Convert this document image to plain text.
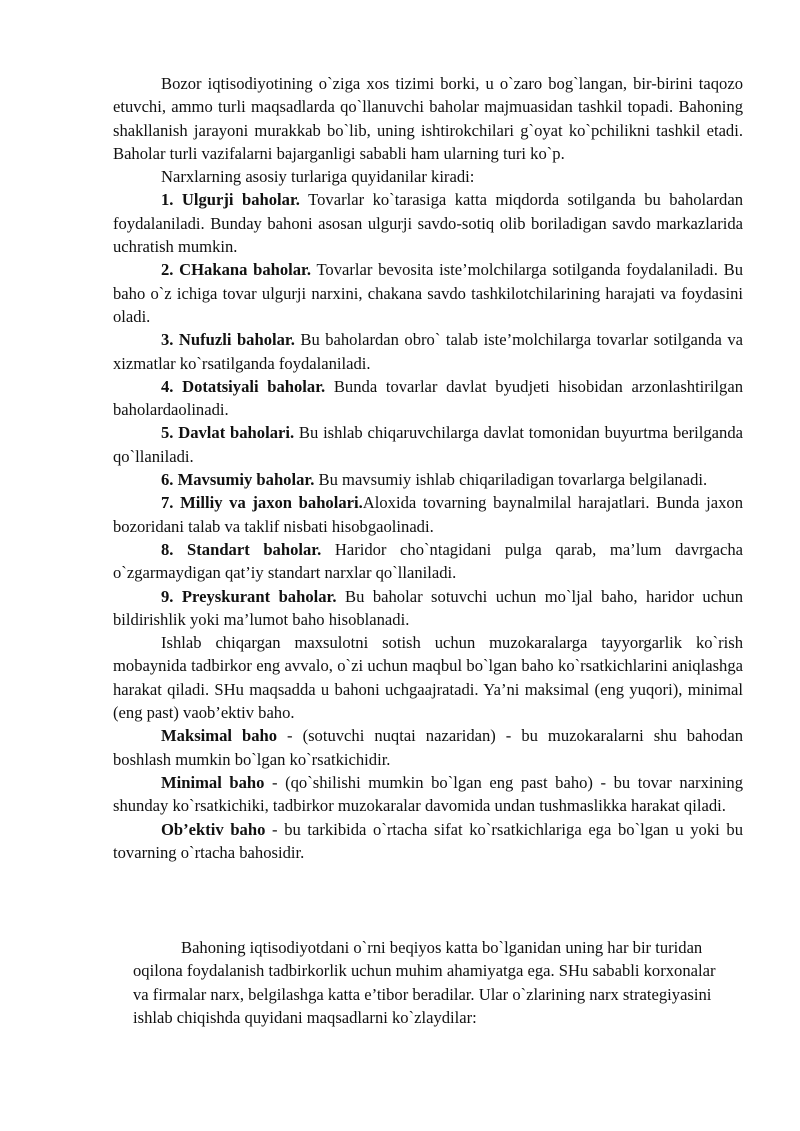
Bozor iqtisodiyotining o`ziga xos tizimi borki, u o`zaro bog`langan, bir-birini taqozo etuvchi, ammo turli maqsadlarda qo`llanuvchi baholar majmuasidan tashkil topadi. Bahoning shakllanish jarayoni murakkab bo`lib, uning ishtirokchilari g`oyat ko`pchilikni tashkil etadi. Baholar turli vazifalarni bajarganligi sababli ham ularning turi ko`p.

Narxlarning asosiy turlariga quyidanilar kiradi:

1. Ulgurji baholar. Tovarlar ko`tarasiga katta miqdorda sotilganda bu baholardan foydalaniladi. Bunday bahoni asosan ulgurji savdo-sotiq olib boriladigan savdo markazlarida uchratish mumkin.

2. CHakana baholar. Tovarlar bevosita iste’molchilarga sotilganda foydalaniladi. Bu baho o`z ichiga tovar ulgurji narxini, chakana savdo tashkilotchilarining harajati va foydasini oladi.

3. Nufuzli baholar. Bu baholardan obro` talab iste’molchilarga tovarlar sotilganda va xizmatlar ko`rsatilganda foydalaniladi.

4. Dotatsiyali baholar. Bunda tovarlar davlat byudjeti hisobidan arzonlashtirilgan baholardaolinadi.

5. Davlat baholari. Bu ishlab chiqaruvchilarga davlat tomonidan buyurtma berilganda qo`llaniladi.

6. Mavsumiy baholar. Bu mavsumiy ishlab chiqariladigan tovarlarga belgilanadi.

7. Milliy va jaxon baholari.Aloxida tovarning baynalmilal harajatlari. Bunda jaxon bozoridani talab va taklif nisbati hisobgaolinadi.

8. Standart baholar. Haridor cho`ntagidani pulga qarab, ma’lum davrgacha o`zgarmaydigan qat’iy standart narxlar qo`llaniladi.

9. Preyskurant baholar. Bu baholar sotuvchi uchun mo`ljal baho, haridor uchun bildirishlik yoki ma’lumot baho hisoblanadi.

Ishlab chiqargan maxsulotni sotish uchun muzokaralarga tayyorgarlik ko`rish mobaynida tadbirkor eng avvalo, o`zi uchun maqbul bo`lgan baho ko`rsatkichlarini aniqlashga harakat qiladi. SHu maqsadda u bahoni uchgaajratadi. Ya’ni maksimal (eng yuqori), minimal (eng past) vaob’ektiv baho.

Maksimal baho - (sotuvchi nuqtai nazaridan) - bu muzokaralarni shu bahodan boshlash mumkin bo`lgan ko`rsatkichidir.

Minimal baho - (qo`shilishi mumkin bo`lgan eng past baho) - bu tovar narxining shunday ko`rsatkichiki, tadbirkor muzokaralar davomida undan tushmaslikka harakat qiladi.

Ob’ektiv baho - bu tarkibida o`rtacha sifat ko`rsatkichlariga ega bo`lgan u yoki bu tovarning o`rtacha bahosidir.

Bahoning iqtisodiyotdani o`rni beqiyos katta bo`lganidan uning har bir turidan oqilona foydalanish tadbirkorlik uchun muhim ahamiyatga ega. SHu sababli korxonalar va firmalar narx, belgilashga katta e’tibor beradilar. Ular o`zlarining narx strategiyasini ishlab chiqishda quyidani maqsadlarni ko`zlaydilar:
